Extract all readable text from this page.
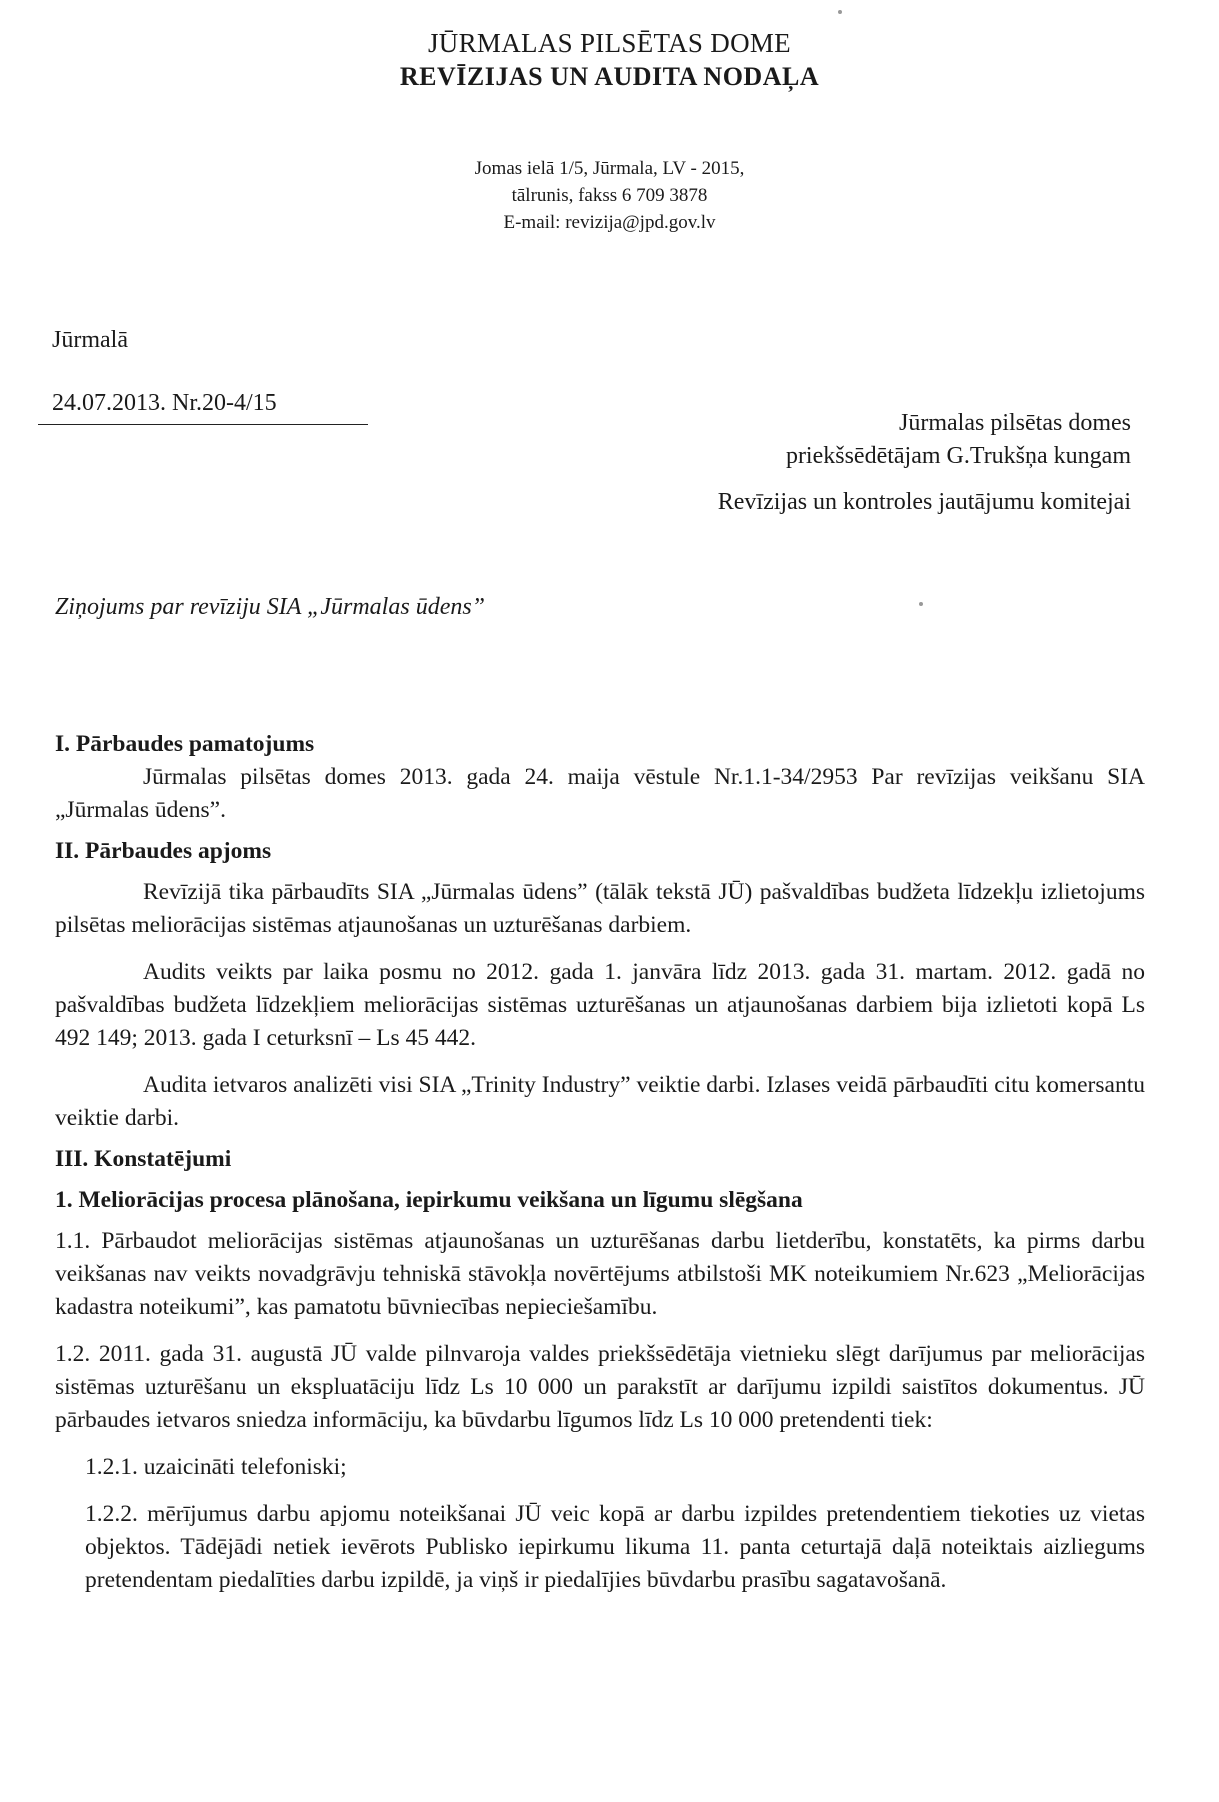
JŪRMALAS PILSĒTAS DOME
REVĪZIJAS UN AUDITA NODAĻA
Jomas ielā 1/5, Jūrmala, LV - 2015,
tālrunis, fakss 6 709 3878
E-mail: revizija@jpd.gov.lv
Jūrmalā
24.07.2013. Nr.20-4/15
Jūrmalas pilsētas domes
priekšsēdētājam G.Trukšņa kungam
Revīzijas un kontroles jautājumu komitejai
Ziņojums par revīziju SIA „Jūrmalas ūdens”

I. Pārbaudes pamatojums

Jūrmalas pilsētas domes 2013. gada 24. maija vēstule Nr.1.1-34/2953 Par revīzijas veikšanu SIA „Jūrmalas ūdens”.

II. Pārbaudes apjoms

Revīzijā tika pārbaudīts SIA „Jūrmalas ūdens” (tālāk tekstā JŪ) pašvaldības budžeta līdzekļu izlietojums pilsētas meliorācijas sistēmas atjaunošanas un uzturēšanas darbiem.

Audits veikts par laika posmu no 2012. gada 1. janvāra līdz 2013. gada 31. martam. 2012. gadā no pašvaldības budžeta līdzekļiem meliorācijas sistēmas uzturēšanas un atjaunošanas darbiem bija izlietoti kopā Ls 492 149; 2013. gada I ceturksnī – Ls 45 442.

Audita ietvaros analizēti visi SIA „Trinity Industry” veiktie darbi. Izlases veidā pārbaudīti citu komersantu veiktie darbi.

III. Konstatējumi

1. Meliorācijas procesa plānošana, iepirkumu veikšana un līgumu slēgšana

1.1. Pārbaudot meliorācijas sistēmas atjaunošanas un uzturēšanas darbu lietderību, konstatēts, ka pirms darbu veikšanas nav veikts novadgrāvju tehniskā stāvokļa novērtējums atbilstoši MK noteikumiem Nr.623 „Meliorācijas kadastra noteikumi”, kas pamatotu būvniecības nepieciešamību.

1.2. 2011. gada 31. augustā JŪ valde pilnvaroja valdes priekšsēdētāja vietnieku slēgt darījumus par meliorācijas sistēmas uzturēšanu un ekspluatāciju līdz Ls 10 000 un parakstīt ar darījumu izpildi saistītos dokumentus. JŪ pārbaudes ietvaros sniedza informāciju, ka būvdarbu līgumos līdz Ls 10 000 pretendenti tiek:

1.2.1. uzaicināti telefoniski;

1.2.2. mērījumus darbu apjomu noteikšanai JŪ veic kopā ar darbu izpildes pretendentiem tiekoties uz vietas objektos. Tādējādi netiek ievērots Publisko iepirkumu likuma 11. panta ceturtajā daļā noteiktais aizliegums pretendentam piedalīties darbu izpildē, ja viņš ir piedalījies būvdarbu prasību sagatavošanā.
